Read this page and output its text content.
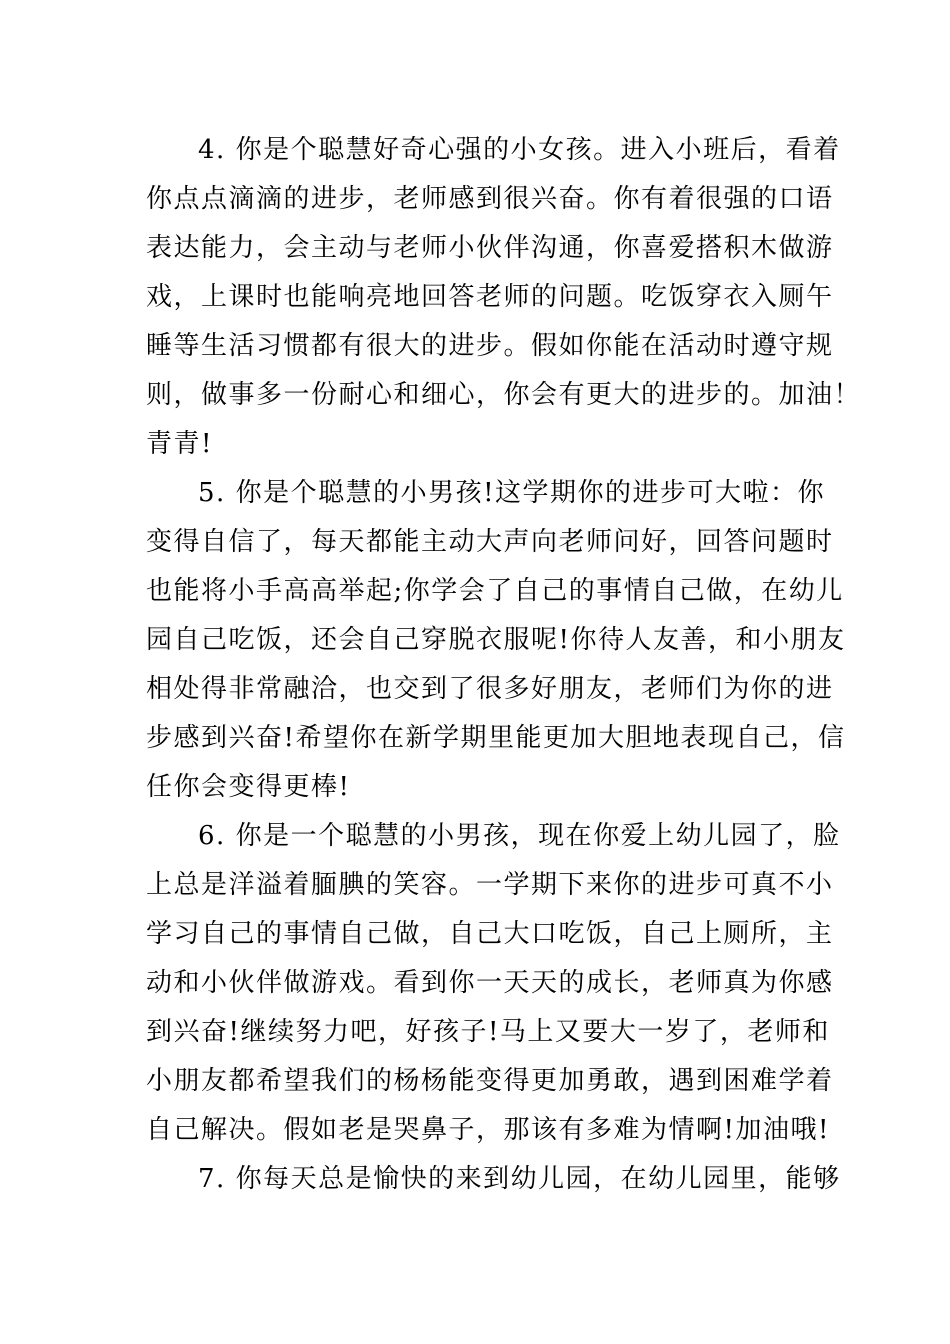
4. 你是个聪慧好奇心强的小女孩。进入小班后，看着
你点点滴滴的进步，老师感到很兴奋。你有着很强的口语
表达能力，会主动与老师小伙伴沟通，你喜爱搭积木做游
戏，上课时也能响亮地回答老师的问题。吃饭穿衣入厕午
睡等生活习惯都有很大的进步。假如你能在活动时遵守规
则，做事多一份耐心和细心，你会有更大的进步的。加油！
青青!
5. 你是个聪慧的小男孩!这学期你的进步可大啦：你
变得自信了，每天都能主动大声向老师问好，回答问题时
也能将小手高高举起;你学会了自己的事情自己做，在幼儿
园自己吃饭，还会自己穿脱衣服呢!你待人友善，和小朋友
相处得非常融洽，也交到了很多好朋友，老师们为你的进
步感到兴奋!希望你在新学期里能更加大胆地表现自己，信
任你会变得更棒!
6. 你是一个聪慧的小男孩，现在你爱上幼儿园了，脸
上总是洋溢着腼腆的笑容。一学期下来你的进步可真不小
学习自己的事情自己做，自己大口吃饭，自己上厕所，主
动和小伙伴做游戏。看到你一天天的成长，老师真为你感
到兴奋!继续努力吧，好孩子!马上又要大一岁了，老师和
小朋友都希望我们的杨杨能变得更加勇敢，遇到困难学着
自己解决。假如老是哭鼻子，那该有多难为情啊!加油哦!
7. 你每天总是愉快的来到幼儿园，在幼儿园里，能够
